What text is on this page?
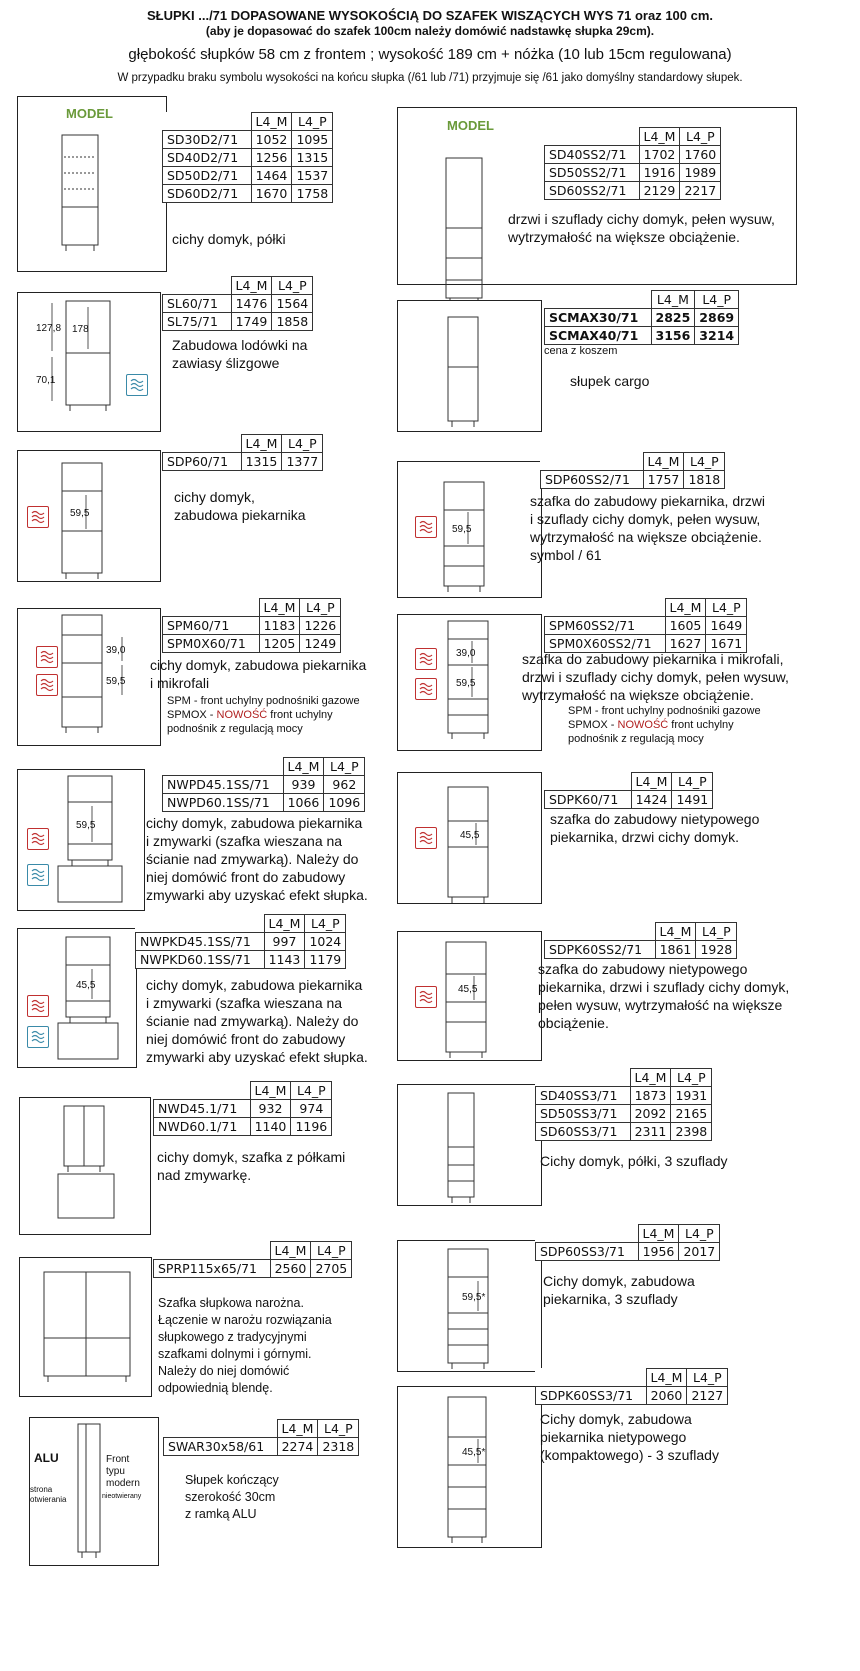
SŁUPKI .../71 DOPASOWANE WYSOKOŚCIĄ DO SZAFEK WISZĄCYCH WYS 71 oraz 100 cm.
(aby je dopasować do szafek 100cm należy domówić nadstawkę słupka 29cm).
głębokość słupków 58 cm z frontem ; wysokość 189 cm + nóżka (10 lub 15cm regulowana)
W przypadku braku symbolu wysokości na końcu słupka (/61 lub /71) przyjmuje się /61 jako domyślny standardowy słupek.
MODEL
	L4_M	L4_P
SD30D2/71	1052	1095
SD40D2/71	1256	1315
SD50D2/71	1464	1537
SD60D2/71	1670	1758
cichy domyk, półki
127,8 178
70,1
	L4_M	L4_P
SL60/71	1476	1564
SL75/71	1749	1858
Zabudowa lodówki na
zawiasy ślizgowe
59,5
	L4_M	L4_P
SDP60/71	1315	1377
cichy domyk,
zabudowa piekarnika
39,0
59,5
	L4_M	L4_P
SPM60/71	1183	1226
SPM0X60/71	1205	1249
cichy domyk, zabudowa piekarnika
i mikrofali
SPM - front uchylny podnośniki gazowe
SPMOX - NOWOŚĆ front uchylny
podnośnik z regulacją mocy
59,5
	L4_M	L4_P
NWPD45.1SS/71	939	962
NWPD60.1SS/71	1066	1096
cichy domyk, zabudowa piekarnika
i zmywarki (szafka wieszana na
ścianie nad zmywarką). Należy do
niej domówić front do zabudowy
zmywarki aby uzyskać efekt słupka.
45,5
	L4_M	L4_P
NWPKD45.1SS/71	997	1024
NWPKD60.1SS/71	1143	1179
cichy domyk, zabudowa piekarnika
i zmywarki (szafka wieszana na
ścianie nad zmywarką). Należy do
niej domówić front do zabudowy
zmywarki aby uzyskać efekt słupka.
	L4_M	L4_P
NWD45.1/71	932	974
NWD60.1/71	1140	1196
cichy domyk, szafka z półkami
nad zmywarkę.
	L4_M	L4_P
SPRP115x65/71	2560	2705
Szafka słupkowa narożna.
Łączenie w narożu rozwiązania
słupkowego z tradycyjnymi
szafkami dolnymi i górnymi.
Należy do niej domówić
odpowiednią blendę.
ALU	Front
typu
modern
nieotwierany
strona
otwierania
	L4_M	L4_P
SWAR30x58/61	2274	2318
Słupek kończący
szerokość 30cm
z ramką ALU
MODEL
	L4_M	L4_P
SD40SS2/71	1702	1760
SD50SS2/71	1916	1989
SD60SS2/71	2129	2217
drzwi i szuflady cichy domyk, pełen wysuw,
wytrzymałość na większe obciążenie.
	L4_M	L4_P
SCMAX30/71	2825	2869
SCMAX40/71	3156	3214
słupek cargo
cena z koszem
59,5
	L4_M	L4_P
SDP60SS2/71	1757	1818
szafka do zabudowy piekarnika, drzwi
i szuflady cichy domyk, pełen wysuw,
wytrzymałość na większe obciążenie.
symbol / 61
39,0
59,5
	L4_M	L4_P
SPM60SS2/71	1605	1649
SPM0X60SS2/71	1627	1671
szafka do zabudowy piekarnika i mikrofali,
drzwi i szuflady cichy domyk, pełen wysuw,
wytrzymałość na większe obciążenie.
SPM - front uchylny podnośniki gazowe
SPMOX - NOWOŚĆ front uchylny
podnośnik z regulacją mocy
45,5
	L4_M	L4_P
SDPK60/71	1424	1491
szafka do zabudowy nietypowego
piekarnika, drzwi cichy domyk.
45,5
	L4_M	L4_P
SDPK60SS2/71	1861	1928
szafka do zabudowy nietypowego
piekarnika, drzwi i szuflady cichy domyk,
pełen wysuw, wytrzymałość na większe
obciążenie.
	L4_M	L4_P
SD40SS3/71	1873	1931
SD50SS3/71	2092	2165
SD60SS3/71	2311	2398
Cichy domyk, półki, 3 szuflady
59,5*
	L4_M	L4_P
SDP60SS3/71	1956	2017
Cichy domyk, zabudowa
piekarnika, 3 szuflady
45,5*
	L4_M	L4_P
SDPK60SS3/71	2060	2127
Cichy domyk, zabudowa
piekarnika nietypowego
(kompaktowego) - 3 szuflady
